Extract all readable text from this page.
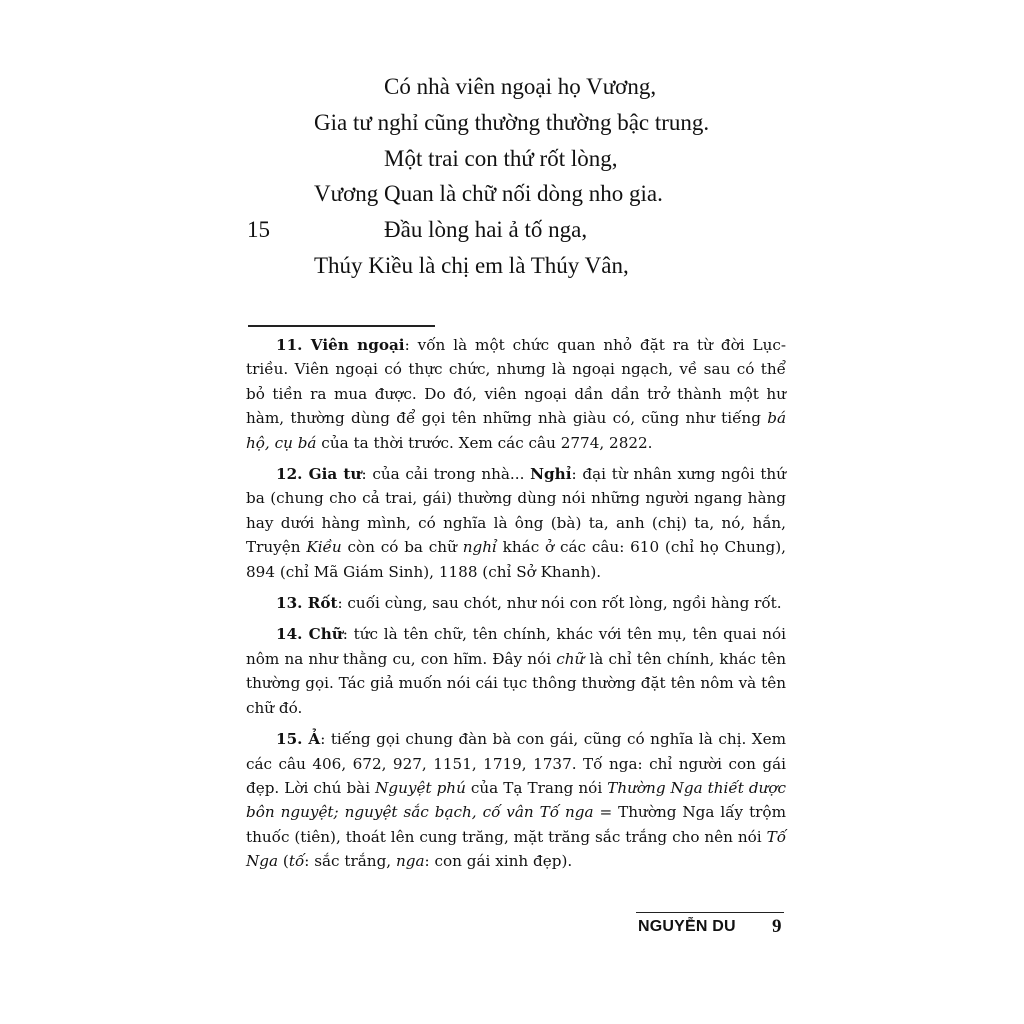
Có nhà viên ngoại họ Vương,
Gia tư nghỉ cũng thường thường bậc trung.
Một trai con thứ rốt lòng,
Vương Quan là chữ nối dòng nho gia.
15	Đầu lòng hai ả tố nga,
Thúy Kiều là chị em là Thúy Vân,

11. Viên ngoại: vốn là một chức quan nhỏ đặt ra từ đời Lục-triều. Viên ngoại có thực chức, nhưng là ngoại ngạch, về sau có thể bỏ tiền ra mua được. Do đó, viên ngoại dần dần trở thành một hư hàm, thường dùng để gọi tên những nhà giàu có, cũng như tiếng bá hộ, cụ bá của ta thời trước. Xem các câu 2774, 2822.

12. Gia tư: của cải trong nhà... Nghỉ: đại từ nhân xưng ngôi thứ ba (chung cho cả trai, gái) thường dùng nói những người ngang hàng hay dưới hàng mình, có nghĩa là ông (bà) ta, anh (chị) ta, nó, hắn, Truyện Kiều còn có ba chữ nghỉ khác ở các câu: 610 (chỉ họ Chung), 894 (chỉ Mã Giám Sinh), 1188 (chỉ Sở Khanh).

13. Rốt: cuối cùng, sau chót, như nói con rốt lòng, ngồi hàng rốt.

14. Chữ: tức là tên chữ, tên chính, khác với tên mụ, tên quai nói nôm na như thằng cu, con hĩm. Đây nói chữ là chỉ tên chính, khác tên thường gọi. Tác giả muốn nói cái tục thông thường đặt tên nôm và tên chữ đó.

15. Ả: tiếng gọi chung đàn bà con gái, cũng có nghĩa là chị. Xem các câu 406, 672, 927, 1151, 1719, 1737. Tố nga: chỉ người con gái đẹp. Lời chú bài Nguyệt phú của Tạ Trang nói Thường Nga thiết dược bôn nguyệt; nguyệt sắc bạch, cố vân Tố nga = Thường Nga lấy trộm thuốc (tiên), thoát lên cung trăng, mặt trăng sắc trắng cho nên nói Tố Nga (tố: sắc trắng, nga: con gái xinh đẹp).

NGUYỄN DU 9
